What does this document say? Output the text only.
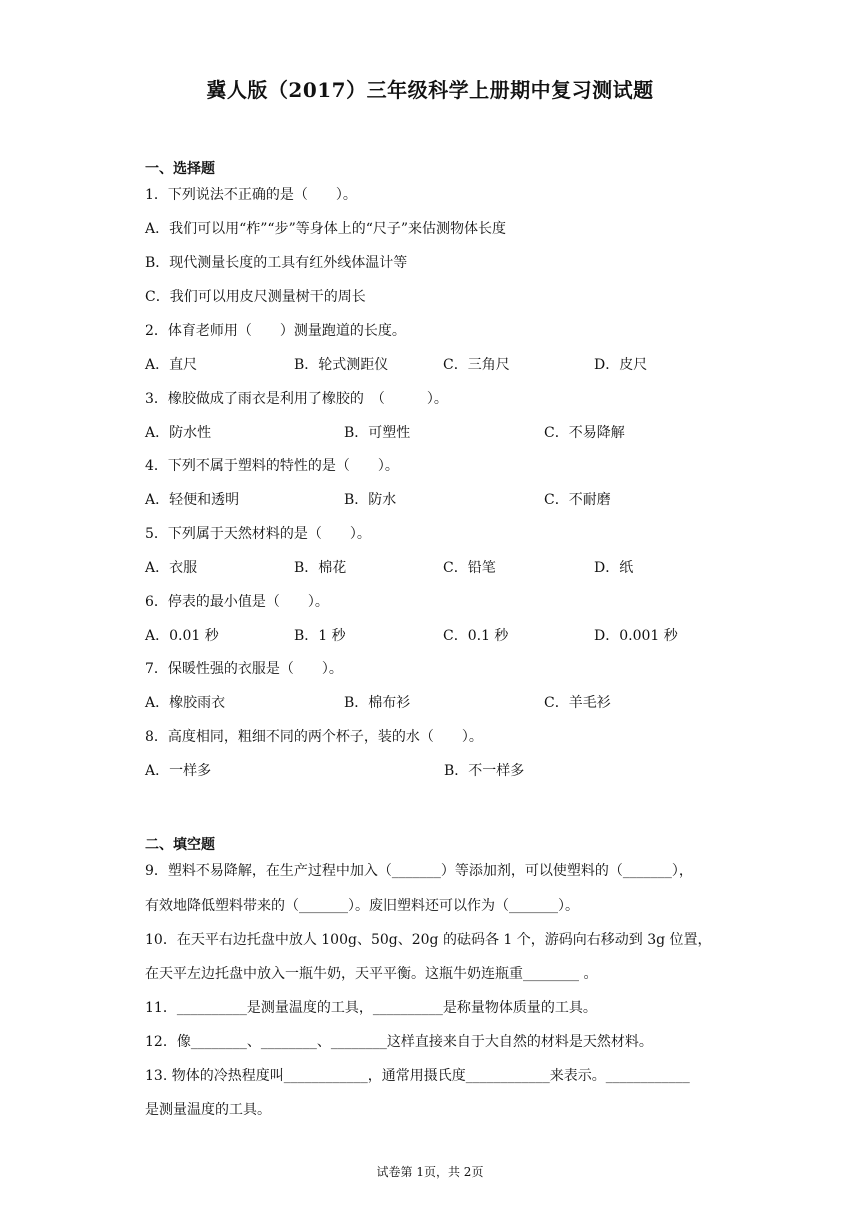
冀人版（2017）三年级科学上册期中复习测试题
一、选择题
1．下列说法不正确的是（　　）。
A．我们可以用“柞”“步”等身体上的“尺子”来估测物体长度
B．现代测量长度的工具有红外线体温计等
C．我们可以用皮尺测量树干的周长
2．体育老师用（　　）测量跑道的长度。
A．直尺	B．轮式测距仪	C．三角尺	D．皮尺
3．橡胶做成了雨衣是利用了橡胶的　（　　　）。
A．防水性	B．可塑性	C．不易降解
4．下列不属于塑料的特性的是（　　）。
A．轻便和透明	B．防水	C．不耐磨
5．下列属于天然材料的是（　　）。
A．衣服	B．棉花	C．铅笔	D．纸
6．停表的最小值是（　　）。
A．0.01 秒	B．1 秒	C．0.1 秒	D．0.001 秒
7．保暖性强的衣服是（　　）。
A．橡胶雨衣	B．棉布衫	C．羊毛衫
8．高度相同，粗细不同的两个杯子，装的水（　　）。
A．一样多	B．不一样多
二、填空题
9．塑料不易降解，在生产过程中加入（_______）等添加剂，可以使塑料的（_______），
有效地降低塑料带来的（_______）。废旧塑料还可以作为（_______）。
10．在天平右边托盘中放人 100g、50g、20g 的砝码各 1 个，游码向右移动到 3g 位置，
在天平左边托盘中放入一瓶牛奶，天平平衡。这瓶牛奶连瓶重________ 。
11．__________是测量温度的工具，__________是称量物体质量的工具。
12．像________、________、________这样直接来自于大自然的材料是天然材料。
13. 物体的冷热程度叫____________，通常用摄氏度____________来表示。____________
是测量温度的工具。
试卷第 1页，共 2页
